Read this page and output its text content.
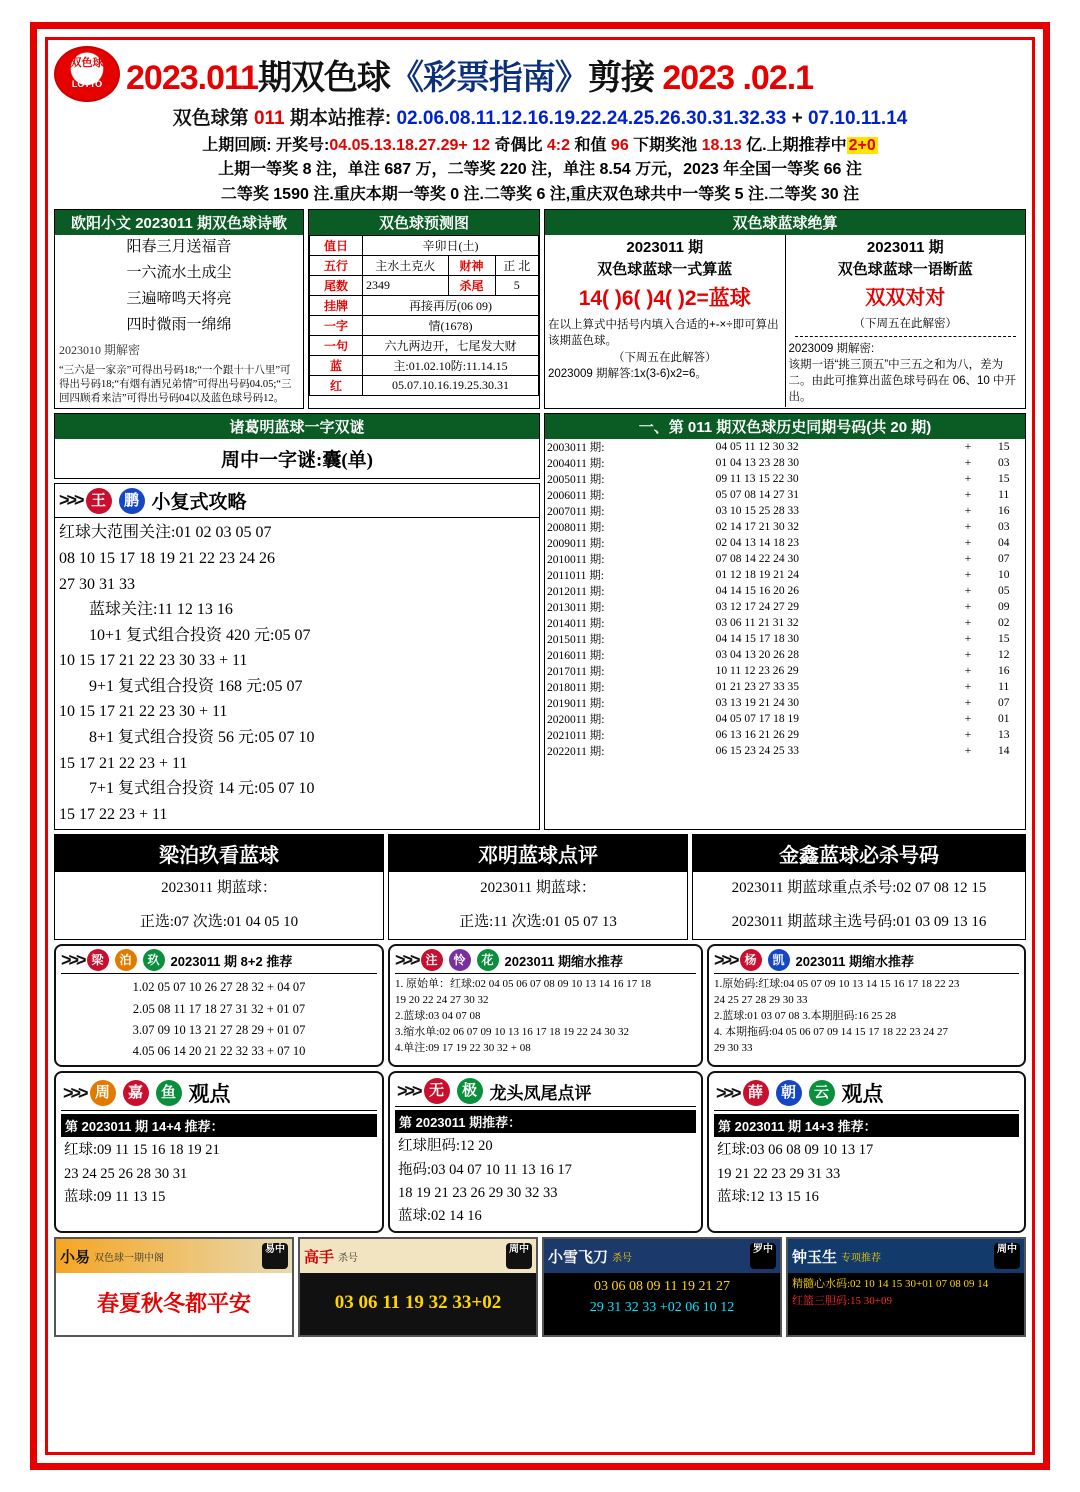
双色球
UNION
LOTTO 2023.011期双色球《彩票指南》剪接 2023 .02.1
双色球第 011 期本站推荐: 02.06.08.11.12.16.19.22.24.25.26.30.31.32.33 + 07.10.11.14
上期回顾: 开奖号:04.05.13.18.27.29+ 12 奇偶比 4:2 和值 96 下期奖池 18.13 亿.上期推荐中 2+0
上期一等奖 8 注，单注 687 万，二等奖 220 注，单注 8.54 万元，2023 年全国一等奖 66 注
二等奖 1590 注.重庆本期一等奖 0 注.二等奖 6 注,重庆双色球共中一等奖 5 注.二等奖 30 注
欧阳小文 2023011 期双色球诗歌
阳春三月送福音
一六流水土成尘
三遍啼鸣天将亮
四时微雨一绵绵
2023010 期解密
“三六是一家亲”可得出号码18;“一个跟十十八里”可得出号码18;“有烟有酒兄弟情”可得出号码04.05;“三回四顾肴来洁”可得出号码04以及蓝色球号码12。
双色球预测图
值日	辛卯日(土)		
五行	主水土克火	财神	正 北
尾数	2349	杀尾	5
挂牌	再接再厉(06 09)		
一字	情(1678)		
一句	六九两边开，七尾发大财		
蓝	主:01.02.10防:11.14.15		
红	05.07.10.16.19.25.30.31		
双色球蓝球绝算
2023011 期
双色球蓝球一式算蓝
14( )6( )4( )2=蓝球
在以上算式中括号内填入合适的+-×÷即可算出该期蓝色球。
（下周五在此解答）
2023009 期解答:1x(3-6)x2=6。
2023011 期
双色球蓝球一语断蓝
双双对对
（下周五在此解密）
2023009 期解密:
该期一语“挑三顶五”中三五之和为八，差为二。由此可推算出蓝色球号码在 06、10 中开出。
诸葛明蓝球一字双谜
周中一字谜:囊(单)
>>> 王	鹏 小复式攻略
红球大范围关注:01 02 03 05 07
08 10 15 17 18 19 21 22 23 24 26
27 30 31 33
蓝球关注:11 12 13 16
10+1 复式组合投资 420 元:05 07
10 15 17 21 22 23 30 33 + 11
9+1 复式组合投资 168 元:05 07
10 15 17 21 22 23 30 + 11
8+1 复式组合投资 56 元:05 07 10
15 17 21 22 23 + 11
7+1 复式组合投资 14 元:05 07 10
15 17 22 23 + 11
一、第 011 期双色球历史同期号码(共 20 期)
2003011 期:	04 05 11 12 30 32	+	15
2004011 期:	01 04 13 23 28 30	+	03
2005011 期:	09 11 13 15 22 30	+	15
2006011 期:	05 07 08 14 27 31	+	11
2007011 期:	03 10 15 25 28 33	+	16
2008011 期:	02 14 17 21 30 32	+	03
2009011 期:	02 04 13 14 18 23	+	04
2010011 期:	07 08 14 22 24 30	+	07
2011011 期:	01 12 18 19 21 24	+	10
2012011 期:	04 14 15 16 20 26	+	05
2013011 期:	03 12 17 24 27 29	+	09
2014011 期:	03 06 11 21 31 32	+	02
2015011 期:	04 14 15 17 18 30	+	15
2016011 期:	03 04 13 20 26 28	+	12
2017011 期:	10 11 12 23 26 29	+	16
2018011 期:	01 21 23 27 33 35	+	11
2019011 期:	03 13 19 21 24 30	+	07
2020011 期:	04 05 07 17 18 19	+	01
2021011 期:	06 13 16 21 26 29	+	13
2022011 期:	06 15 23 24 25 33	+	14
梁泊玖看蓝球
2023011 期蓝球：
正选:07 次选:01 04 05 10
邓明蓝球点评
2023011 期蓝球：
正选:11 次选:01 05 07 13
金鑫蓝球必杀号码
2023011 期蓝球重点杀号:02 07 08 12 15
2023011 期蓝球主选号码:01 03 09 13 16
>>> 梁	泊	玖 2023011 期 8+2 推荐
1.02 05 07 10 26 27 28 32 + 04 07
2.05 08 11 17 18 27 31 32 + 01 07
3.07 09 10 13 21 27 28 29 + 01 07
4.05 06 14 20 21 22 32 33 + 07 10
>>> 注	怜	花 2023011 期缩水推荐
1. 原始单：红球:02 04 05 06 07 08 09 10 13 14 16 17 18
19 20 22 24 27 30 32
2.蓝球:03 04 07 08
3.缩水单:02 06 07 09 10 13 16 17 18 19 22 24 30 32
4.单注:09 17 19 22 30 32 + 08
>>> 杨	凯 2023011 期缩水推荐
1.原始码:红球:04 05 07 09 10 13 14 15 16 17 18 22 23
24 25 27 28 29 30 33
2.蓝球:01 03 07 08 3.本期胆码:16 25 28
4. 本期拖码:04 05 06 07 09 14 15 17 18 22 23 24 27
29 30 33
>>> 周	嘉	鱼 观点
第 2023011 期 14+4 推荐：
红球:09 11 15 16 18 19 21
23 24 25 26 28 30 31
蓝球:09 11 13 15
>>> 无	极 龙头凤尾点评
第 2023011 期推荐：
红球胆码:12 20
拖码:03 04 07 10 11 13 16 17
18 19 21 23 26 29 30 32 33
蓝球:02 14 16
>>> 薛	朝	云 观点
第 2023011 期 14+3 推荐：
红球:03 06 08 09 10 13 17
19 21 22 23 29 31 33
蓝球:12 13 15 16
小易 双色球一期中阁
易中
春夏秋冬都平安
高手 杀号
周中
03 06 11 19 32 33+02
小雪飞刀 杀号
罗中
03 06 08 09 11 19 21 27
29 31 32 33 +02 06 10 12
钟玉生 专项推荐
周中
精髓心水码:02 10 14 15 30+01 07 08 09 14
红篮三胆码:15 30+09
